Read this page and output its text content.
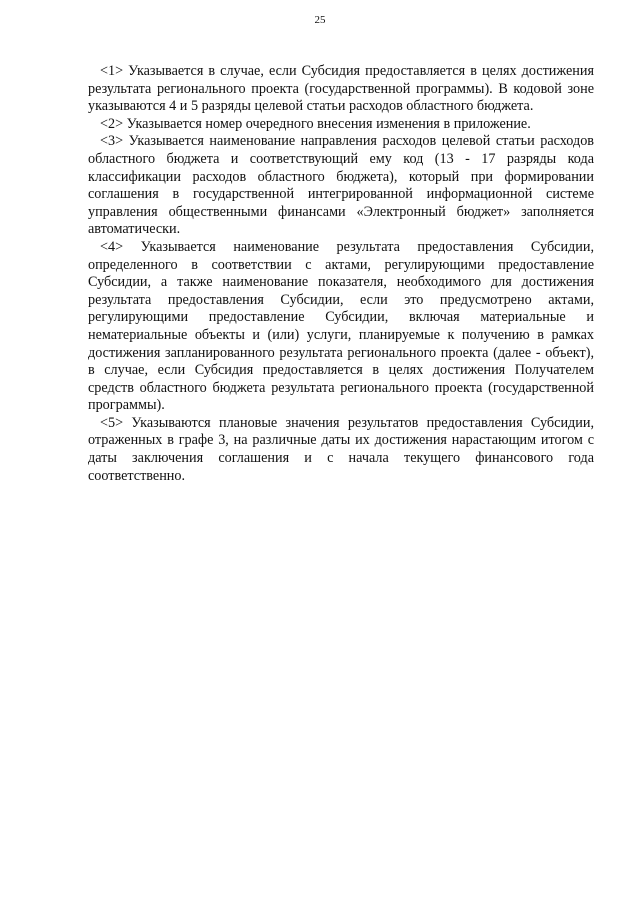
25

<1> Указывается в случае, если Субсидия предоставляется в целях достижения результата регионального проекта (государственной программы). В кодовой зоне указываются 4 и 5 разряды целевой статьи расходов областного бюджета.

<2> Указывается номер очередного внесения изменения в приложение.

<3> Указывается наименование направления расходов целевой статьи расходов областного бюджета и соответствующий ему код (13 - 17 разряды кода классификации расходов областного бюджета), который при формировании соглашения в государственной интегрированной информационной системе управления общественными финансами «Электронный бюджет» заполняется автоматически.

<4> Указывается наименование результата предоставления Субсидии, определенного в соответствии с актами, регулирующими предоставление Субсидии, а также наименование показателя, необходимого для достижения результата предоставления Субсидии, если это предусмотрено актами, регулирующими предоставление Субсидии, включая материальные и нематериальные объекты и (или) услуги, планируемые к получению в рамках достижения запланированного результата регионального проекта (далее - объект), в случае, если Субсидия предоставляется в целях достижения Получателем средств областного бюджета результата регионального проекта (государственной программы).

<5> Указываются плановые значения результатов предоставления Субсидии, отраженных в графе 3, на различные даты их достижения нарастающим итогом с даты заключения соглашения и с начала текущего финансового года соответственно.
